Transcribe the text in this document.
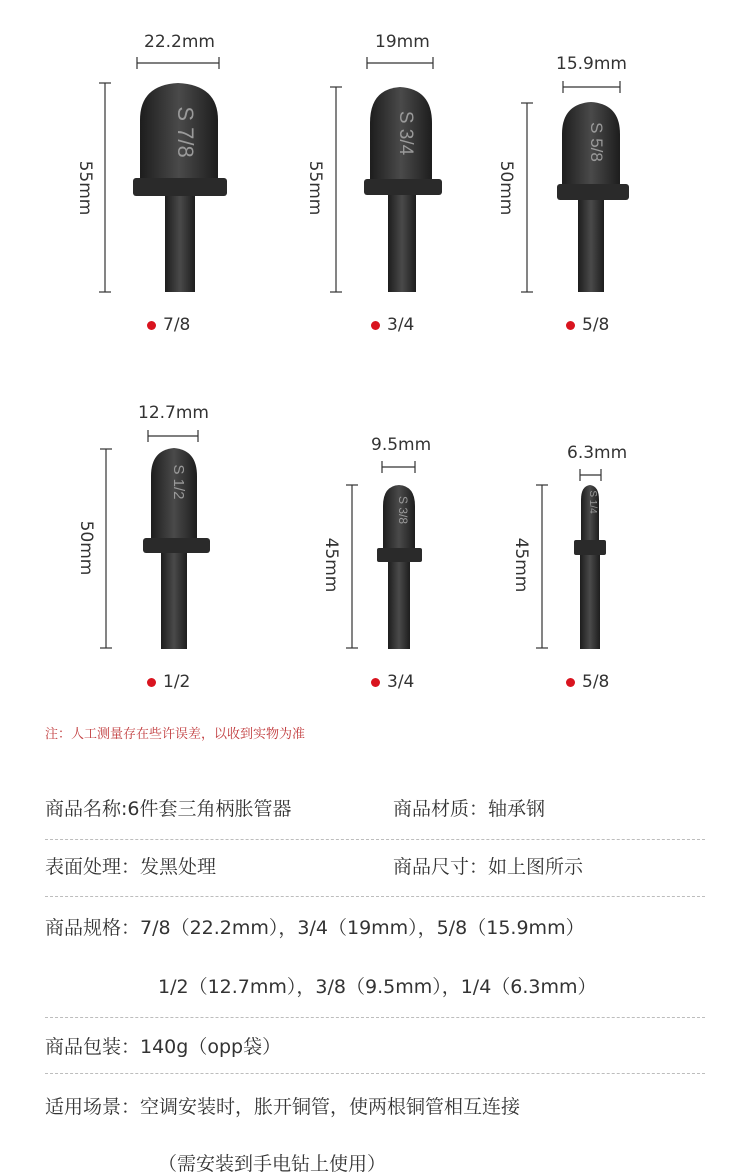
22.2mm
55mm
S 7/8
7/8
19mm
55mm
S 3/4
3/4
15.9mm
50mm
S 5/8
5/8
12.7mm
50mm
S 1/2
1/2
9.5mm
45mm
S 3/8
3/4
6.3mm
45mm
S 1/4
5/8
注：人工测量存在些许误差，以收到实物为准
商品名称:6件套三角柄胀管器	商品材质：轴承钢
表面处理：发黑处理	商品尺寸：如上图所示
商品规格：7/8（22.2mm），3/4（19mm），5/8（15.9mm）
1/2（12.7mm），3/8（9.5mm），1/4（6.3mm）
商品包装：140g（opp袋）
适用场景：空调安装时，胀开铜管，使两根铜管相互连接
（需安装到手电钻上使用）
